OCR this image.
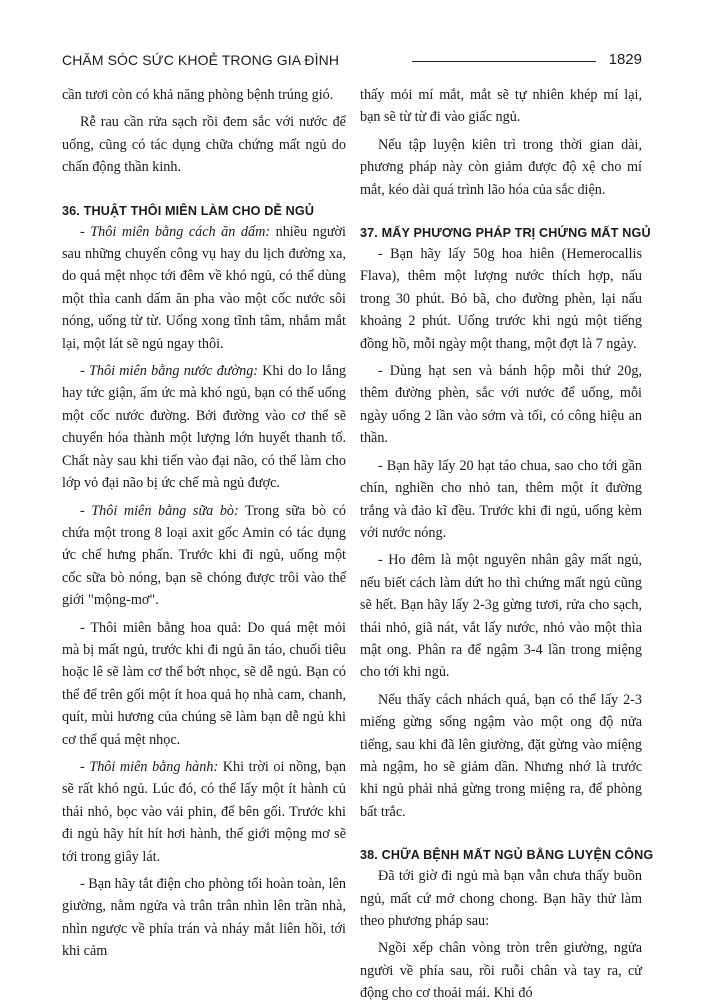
CHĂM SÓC SỨC KHOẺ TRONG GIA ĐÌNH	1829

cần tươi còn có khả năng phòng bệnh trúng gió.

Rễ rau cần rửa sạch rồi đem sắc với nước để uống, cũng có tác dụng chữa chứng mất ngủ do chấn động thần kinh.

36. THUẬT THÔI MIÊN LÀM CHO DỄ NGỦ

- Thôi miên bằng cách ăn dấm: nhiều người sau những chuyến công vụ hay du lịch đường xa, do quá mệt nhọc tới đêm về khó ngủ, có thể dùng một thìa canh dấm ăn pha vào một cốc nước sôi nóng, uống từ từ. Uống xong tĩnh tâm, nhắm mắt lại, một lát sẽ ngủ ngay thôi.

- Thôi miên bằng nước đường: Khi do lo lắng hay tức giận, ấm ức mà khó ngủ, bạn có thể uống một cốc nước đường. Bởi đường vào cơ thể sẽ chuyển hóa thành một lượng lớn huyết thanh tố. Chất này sau khi tiến vào đại não, có thể làm cho lớp vỏ đại não bị ức chế mà ngủ được.

- Thôi miên bằng sữa bò: Trong sữa bò có chứa một trong 8 loại axit gốc Amin có tác dụng ức chế hưng phấn. Trước khi đi ngủ, uống một cốc sữa bò nóng, bạn sẽ chóng được trôi vào thế giới "mộng-mơ".

- Thôi miên bằng hoa quả: Do quá mệt mỏi mà bị mất ngủ, trước khi đi ngủ ăn táo, chuối tiêu hoặc lê sẽ làm cơ thể bớt nhọc, sẽ dễ ngủ. Bạn có thể để trên gối một ít hoa quả họ nhà cam, chanh, quít, mùi hương của chúng sẽ làm bạn dễ ngủ khi cơ thể quá mệt nhọc.

- Thôi miên bằng hành: Khi trời oi nồng, bạn sẽ rất khó ngủ. Lúc đó, có thể lấy một ít hành củ thái nhỏ, bọc vào vải phin, để bên gối. Trước khi đi ngủ hãy hít hít hơi hành, thế giới mộng mơ sẽ tới trong giây lát.

- Bạn hãy tắt điện cho phòng tối hoàn toàn, lên giường, nằm ngửa và trân trân nhìn lên trần nhà, nhìn ngược về phía trán và nháy mắt liên hồi, tới khi cảm

thấy mỏi mí mắt, mắt sẽ tự nhiên khép mí lại, bạn sẽ từ từ đi vào giấc ngủ.

Nếu tập luyện kiên trì trong thời gian dài, phương pháp này còn giảm được độ xệ cho mí mắt, kéo dài quá trình lão hóa của sắc diện.

37. MẤY PHƯƠNG PHÁP TRỊ CHỨNG MẤT NGỦ

- Bạn hãy lấy 50g hoa hiên (Hemerocallis Flava), thêm một lượng nước thích hợp, nấu trong 30 phút. Bỏ bã, cho đường phèn, lại nấu khoảng 2 phút. Uống trước khi ngủ một tiếng đồng hồ, mỗi ngày một thang, một đợt là 7 ngày.

- Dùng hạt sen và bánh hộp mỗi thứ 20g, thêm đường phèn, sắc với nước để uống, mỗi ngày uống 2 lần vào sớm và tối, có công hiệu an thần.

- Bạn hãy lấy 20 hạt táo chua, sao cho tới gần chín, nghiền cho nhỏ tan, thêm một ít đường trắng và đảo kĩ đều. Trước khi đi ngủ, uống kèm với nước nóng.

- Ho đêm là một nguyên nhân gây mất ngủ, nếu biết cách làm dứt ho thì chứng mất ngủ cũng sẽ hết. Bạn hãy lấy 2-3g gừng tươi, rửa cho sạch, thái nhỏ, giã nát, vắt lấy nước, nhỏ vào một thìa mật ong. Phân ra để ngậm 3-4 lần trong miệng cho tới khi ngủ.

Nếu thấy cách nhách quá, bạn có thể lấy 2-3 miếng gừng sống ngậm vào một ong độ nửa tiếng, sau khi đã lên giường, đặt gừng vào miệng mà ngậm, ho sẽ giảm dần. Nhưng nhớ là trước khi ngủ phải nhả gừng trong miệng ra, để phòng bất trắc.

38. CHỮA BỆNH MẤT NGỦ BẰNG LUYỆN CÔNG

Đã tới giờ đi ngủ mà bạn vẫn chưa thấy buồn ngủ, mất cứ mở chong chong. Bạn hãy thử làm theo phương pháp sau:

Ngồi xếp chân vòng tròn trên giường, ngửa người về phía sau, rồi ruỗi chân và tay ra, cử động cho cơ thoải mái. Khi đó
